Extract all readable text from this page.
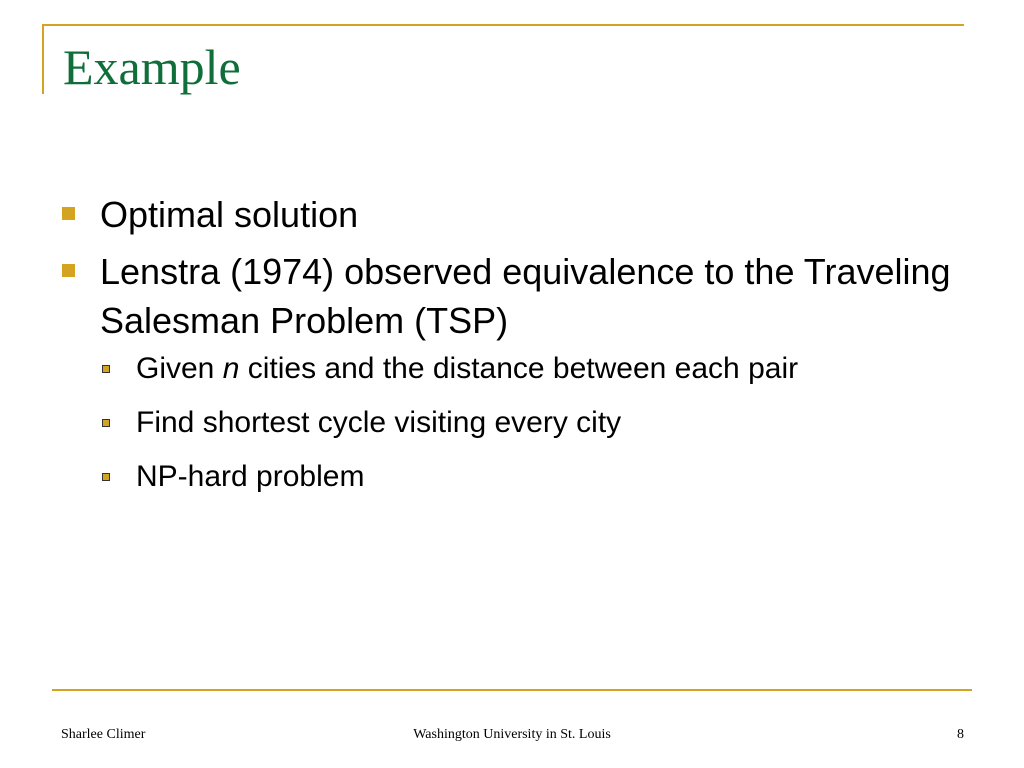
Example
Optimal solution
Lenstra (1974) observed equivalence to the Traveling Salesman Problem (TSP)
Given n cities and the distance between each pair
Find shortest cycle visiting every city
NP-hard problem
Sharlee Climer	Washington University in St. Louis	8
